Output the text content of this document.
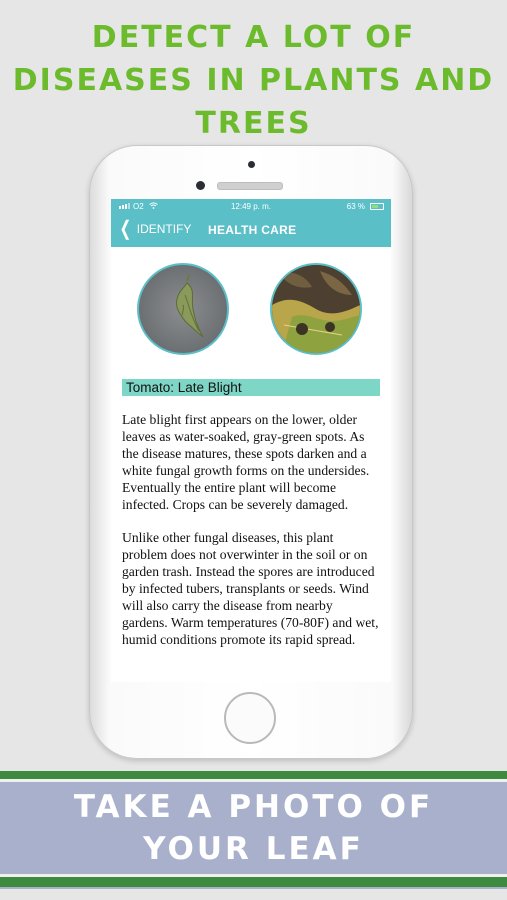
DETECT A LOT OF
DISEASES IN PLANTS AND
TREES
O2	12:49 p. m.	63 %
❮ IDENTIFY HEALTH CARE
Tomato: Late Blight

Late blight first appears on the lower, older leaves as water-soaked, gray-green spots. As the disease matures, these spots darken and a white fungal growth forms on the undersides. Eventually the entire plant will become infected. Crops can be severely damaged.

Unlike other fungal diseases, this plant problem does not overwinter in the soil or on garden trash. Instead the spores are introduced by infected tubers, transplants or seeds. Wind will also carry the disease from nearby gardens. Warm temperatures (70-80F) and wet, humid conditions promote its rapid spread.

TAKE A PHOTO OF
YOUR LEAF
